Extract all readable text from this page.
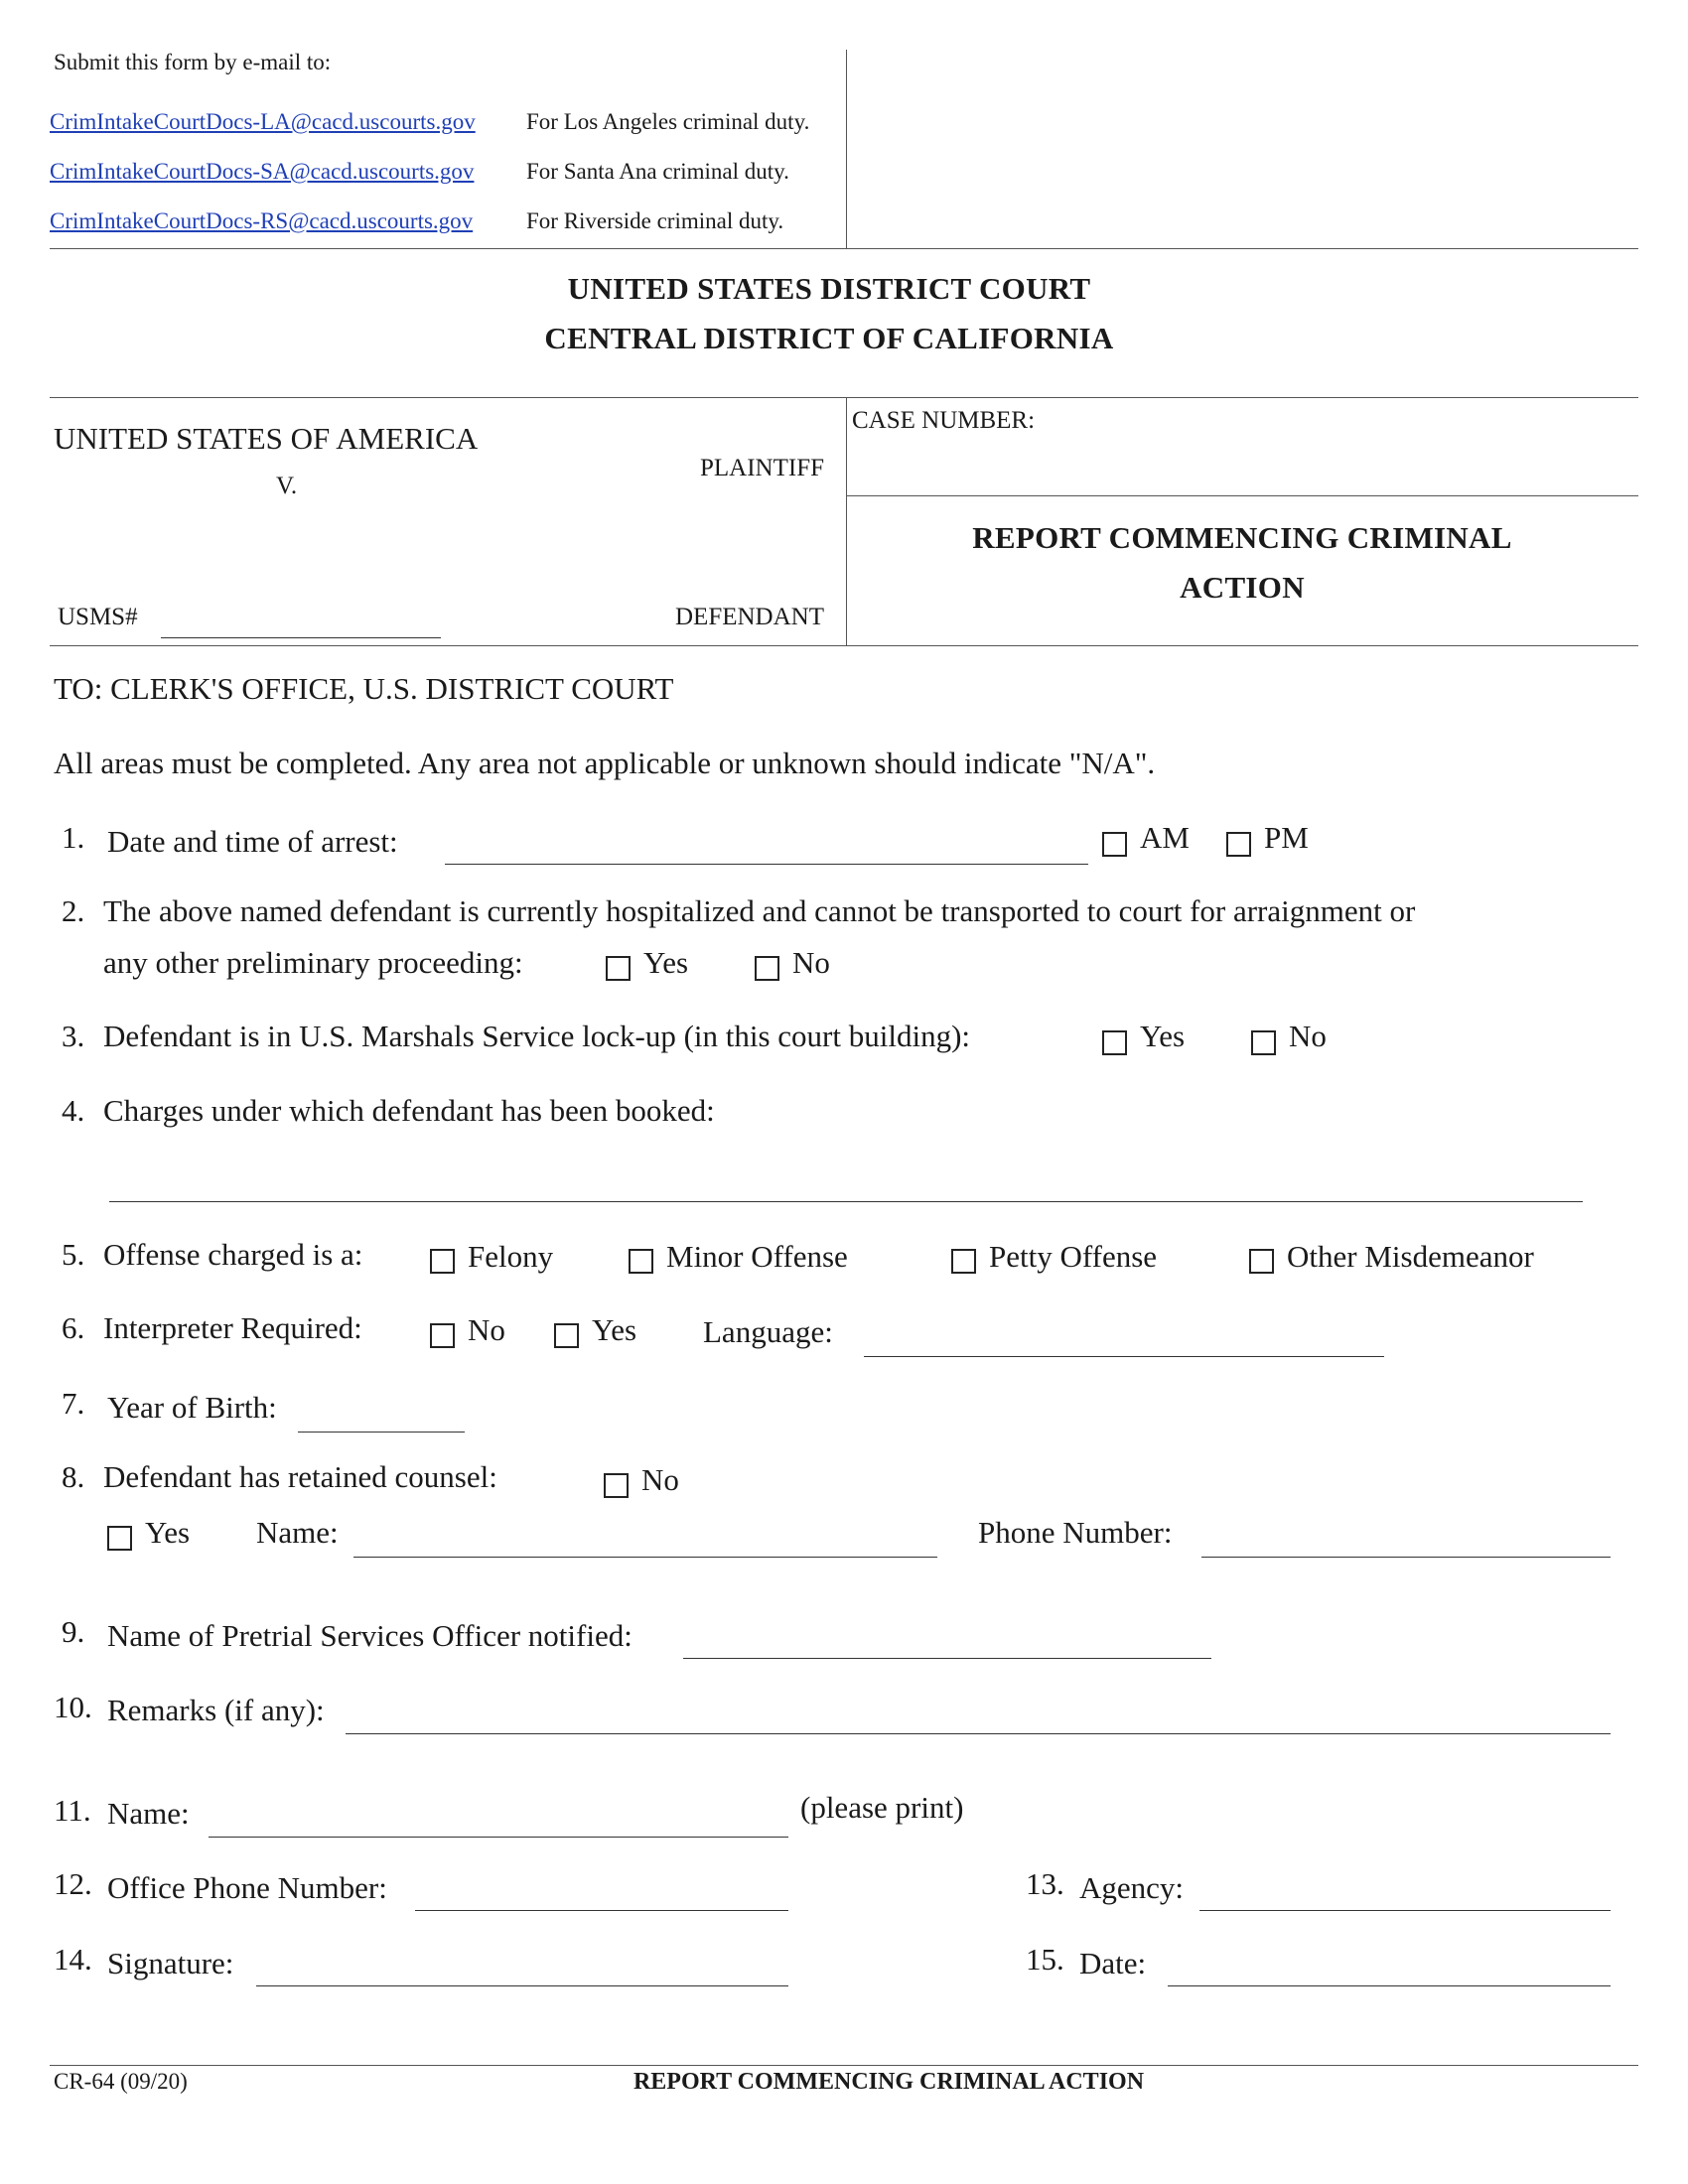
Submit this form by e-mail to:
CrimIntakeCourtDocs-LA@cacd.uscourts.gov For Los Angeles criminal duty.
CrimIntakeCourtDocs-SA@cacd.uscourts.gov For Santa Ana criminal duty.
CrimIntakeCourtDocs-RS@cacd.uscourts.gov For Riverside criminal duty.
UNITED STATES DISTRICT COURT
CENTRAL DISTRICT OF CALIFORNIA
UNITED STATES OF AMERICA
V.
PLAINTIFF
USMS#	DEFENDANT
CASE NUMBER:
REPORT COMMENCING CRIMINAL
ACTION
TO: CLERK'S OFFICE, U.S. DISTRICT COURT
All areas must be completed. Any area not applicable or unknown should indicate "N/A".
1. Date and time of arrest:	AM PM
2. The above named defendant is currently hospitalized and cannot be transported to court for arraignment or
any other preliminary proceeding:	Yes	No
3. Defendant is in U.S. Marshals Service lock-up (in this court building):	Yes	No
4. Charges under which defendant has been booked:
5. Offense charged is a:	Felony	Minor Offense	Petty Offense	Other Misdemeanor
6. Interpreter Required:	No	Yes Language:
7. Year of Birth:
8. Defendant has retained counsel:	No
Yes Name:	Phone Number:
9. Name of Pretrial Services Officer notified:
10. Remarks (if any):
11. Name:	(please print)
12. Office Phone Number:	13. Agency:
14. Signature:	15. Date:
CR-64 (09/20)	REPORT COMMENCING CRIMINAL ACTION
